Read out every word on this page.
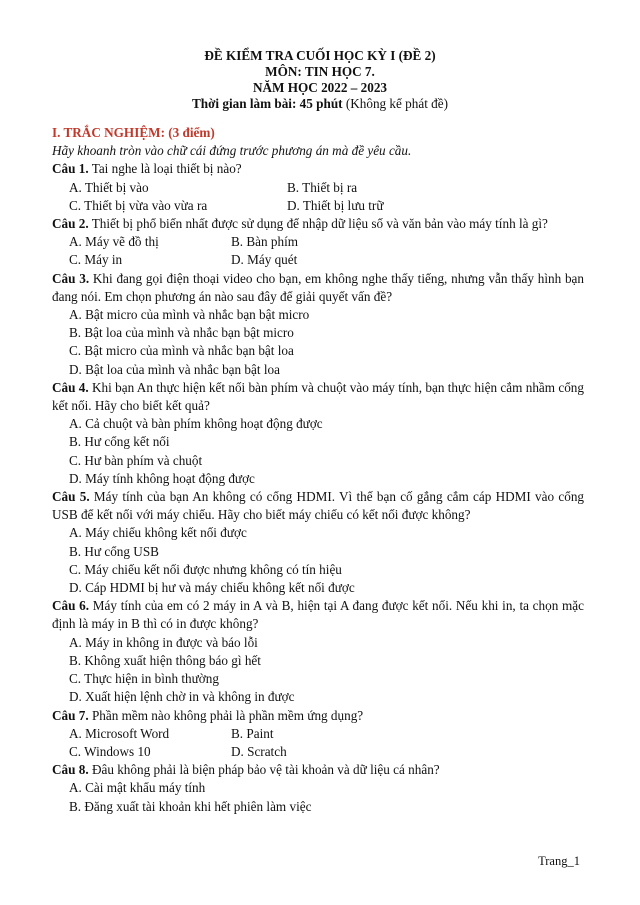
ĐỀ KIỂM TRA CUỐI HỌC KỲ I (ĐỀ 2)
MÔN: TIN HỌC 7.
NĂM HỌC 2022 – 2023
Thời gian làm bài: 45 phút (Không kể phát đề)
I. TRẮC NGHIỆM: (3 điểm)
Hãy khoanh tròn vào chữ cái đứng trước phương án mà đề yêu cầu.
Câu 1. Tai nghe là loại thiết bị nào?
A. Thiết bị vào	B. Thiết bị ra
C. Thiết bị vừa vào vừa ra	D. Thiết bị lưu trữ
Câu 2. Thiết bị phổ biến nhất được sử dụng để nhập dữ liệu số và văn bản vào máy tính là gì?
A. Máy vẽ đồ thị	B. Bàn phím
C. Máy in	D. Máy quét
Câu 3. Khi đang gọi điện thoại video cho bạn, em không nghe thấy tiếng, nhưng vẫn thấy hình bạn đang nói. Em chọn phương án nào sau đây để giải quyết vấn đề?
A. Bật micro của mình và nhắc bạn bật micro
B. Bật loa của mình và nhắc bạn bật micro
C. Bật micro của mình và nhắc bạn bật loa
D. Bật loa của mình và nhắc bạn bật loa
Câu 4. Khi bạn An thực hiện kết nối bàn phím và chuột vào máy tính, bạn thực hiện cắm nhầm cổng kết nối. Hãy cho biết kết quả?
A. Cả chuột và bàn phím không hoạt động được
B. Hư cổng kết nối
C. Hư bàn phím và chuột
D. Máy tính không hoạt động được
Câu 5. Máy tính của bạn An không có cổng HDMI. Vì thế bạn cố gắng cắm cáp HDMI vào cổng USB để kết nối với máy chiếu. Hãy cho biết máy chiếu có kết nối được không?
A. Máy chiếu không kết nối được
B. Hư cổng USB
C. Máy chiếu kết nối được nhưng không có tín hiệu
D. Cáp HDMI bị hư và máy chiếu không kết nối được
Câu 6. Máy tính của em có 2 máy in A và B, hiện tại A đang được kết nối. Nếu khi in, ta chọn mặc định là máy in B thì có in được không?
A. Máy in không in được và báo lỗi
B. Không xuất hiện thông báo gì hết
C. Thực hiện in bình thường
D. Xuất hiện lệnh chờ in và không in được
Câu 7. Phần mềm nào không phải là phần mềm ứng dụng?
A. Microsoft Word	B. Paint
C. Windows 10	D. Scratch
Câu 8. Đâu không phải là biện pháp bảo vệ tài khoản và dữ liệu cá nhân?
A. Cài mật khẩu máy tính
B. Đăng xuất tài khoản khi hết phiên làm việc
Trang_1
